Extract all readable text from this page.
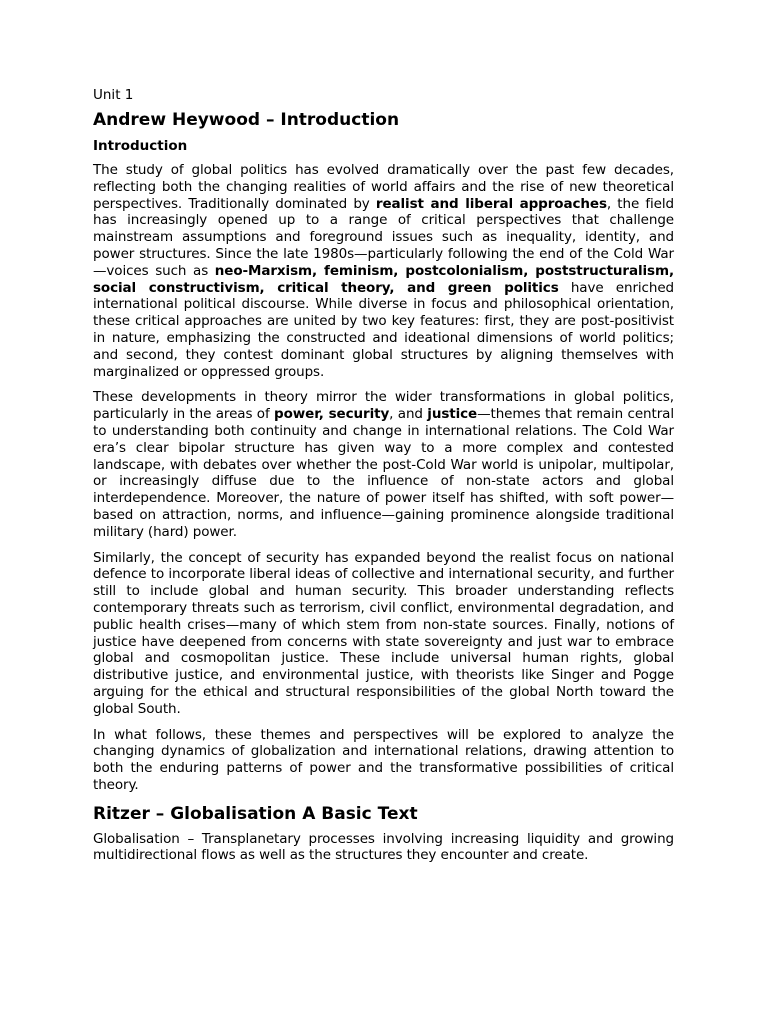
Unit 1
Andrew Heywood – Introduction
Introduction

The study of global politics has evolved dramatically over the past few decades, reflecting both the changing realities of world affairs and the rise of new theoretical perspectives. Traditionally dominated by realist and liberal approaches, the field has increasingly opened up to a range of critical perspectives that challenge mainstream assumptions and foreground issues such as inequality, identity, and power structures. Since the late 1980s—particularly following the end of the Cold War—voices such as neo-Marxism, feminism, postcolonialism, poststructuralism, social constructivism, critical theory, and green politics have enriched international political discourse. While diverse in focus and philosophical orientation, these critical approaches are united by two key features: first, they are post-positivist in nature, emphasizing the constructed and ideational dimensions of world politics; and second, they contest dominant global structures by aligning themselves with marginalized or oppressed groups.

These developments in theory mirror the wider transformations in global politics, particularly in the areas of power, security, and justice—themes that remain central to understanding both continuity and change in international relations. The Cold War era’s clear bipolar structure has given way to a more complex and contested landscape, with debates over whether the post-Cold War world is unipolar, multipolar, or increasingly diffuse due to the influence of non-state actors and global interdependence. Moreover, the nature of power itself has shifted, with soft power—based on attraction, norms, and influence—gaining prominence alongside traditional military (hard) power.

Similarly, the concept of security has expanded beyond the realist focus on national defence to incorporate liberal ideas of collective and international security, and further still to include global and human security. This broader understanding reflects contemporary threats such as terrorism, civil conflict, environmental degradation, and public health crises—many of which stem from non-state sources. Finally, notions of justice have deepened from concerns with state sovereignty and just war to embrace global and cosmopolitan justice. These include universal human rights, global distributive justice, and environmental justice, with theorists like Singer and Pogge arguing for the ethical and structural responsibilities of the global North toward the global South.

In what follows, these themes and perspectives will be explored to analyze the changing dynamics of globalization and international relations, drawing attention to both the enduring patterns of power and the transformative possibilities of critical theory.

Ritzer – Globalisation A Basic Text

Globalisation – Transplanetary processes involving increasing liquidity and growing multidirectional flows as well as the structures they encounter and create.
